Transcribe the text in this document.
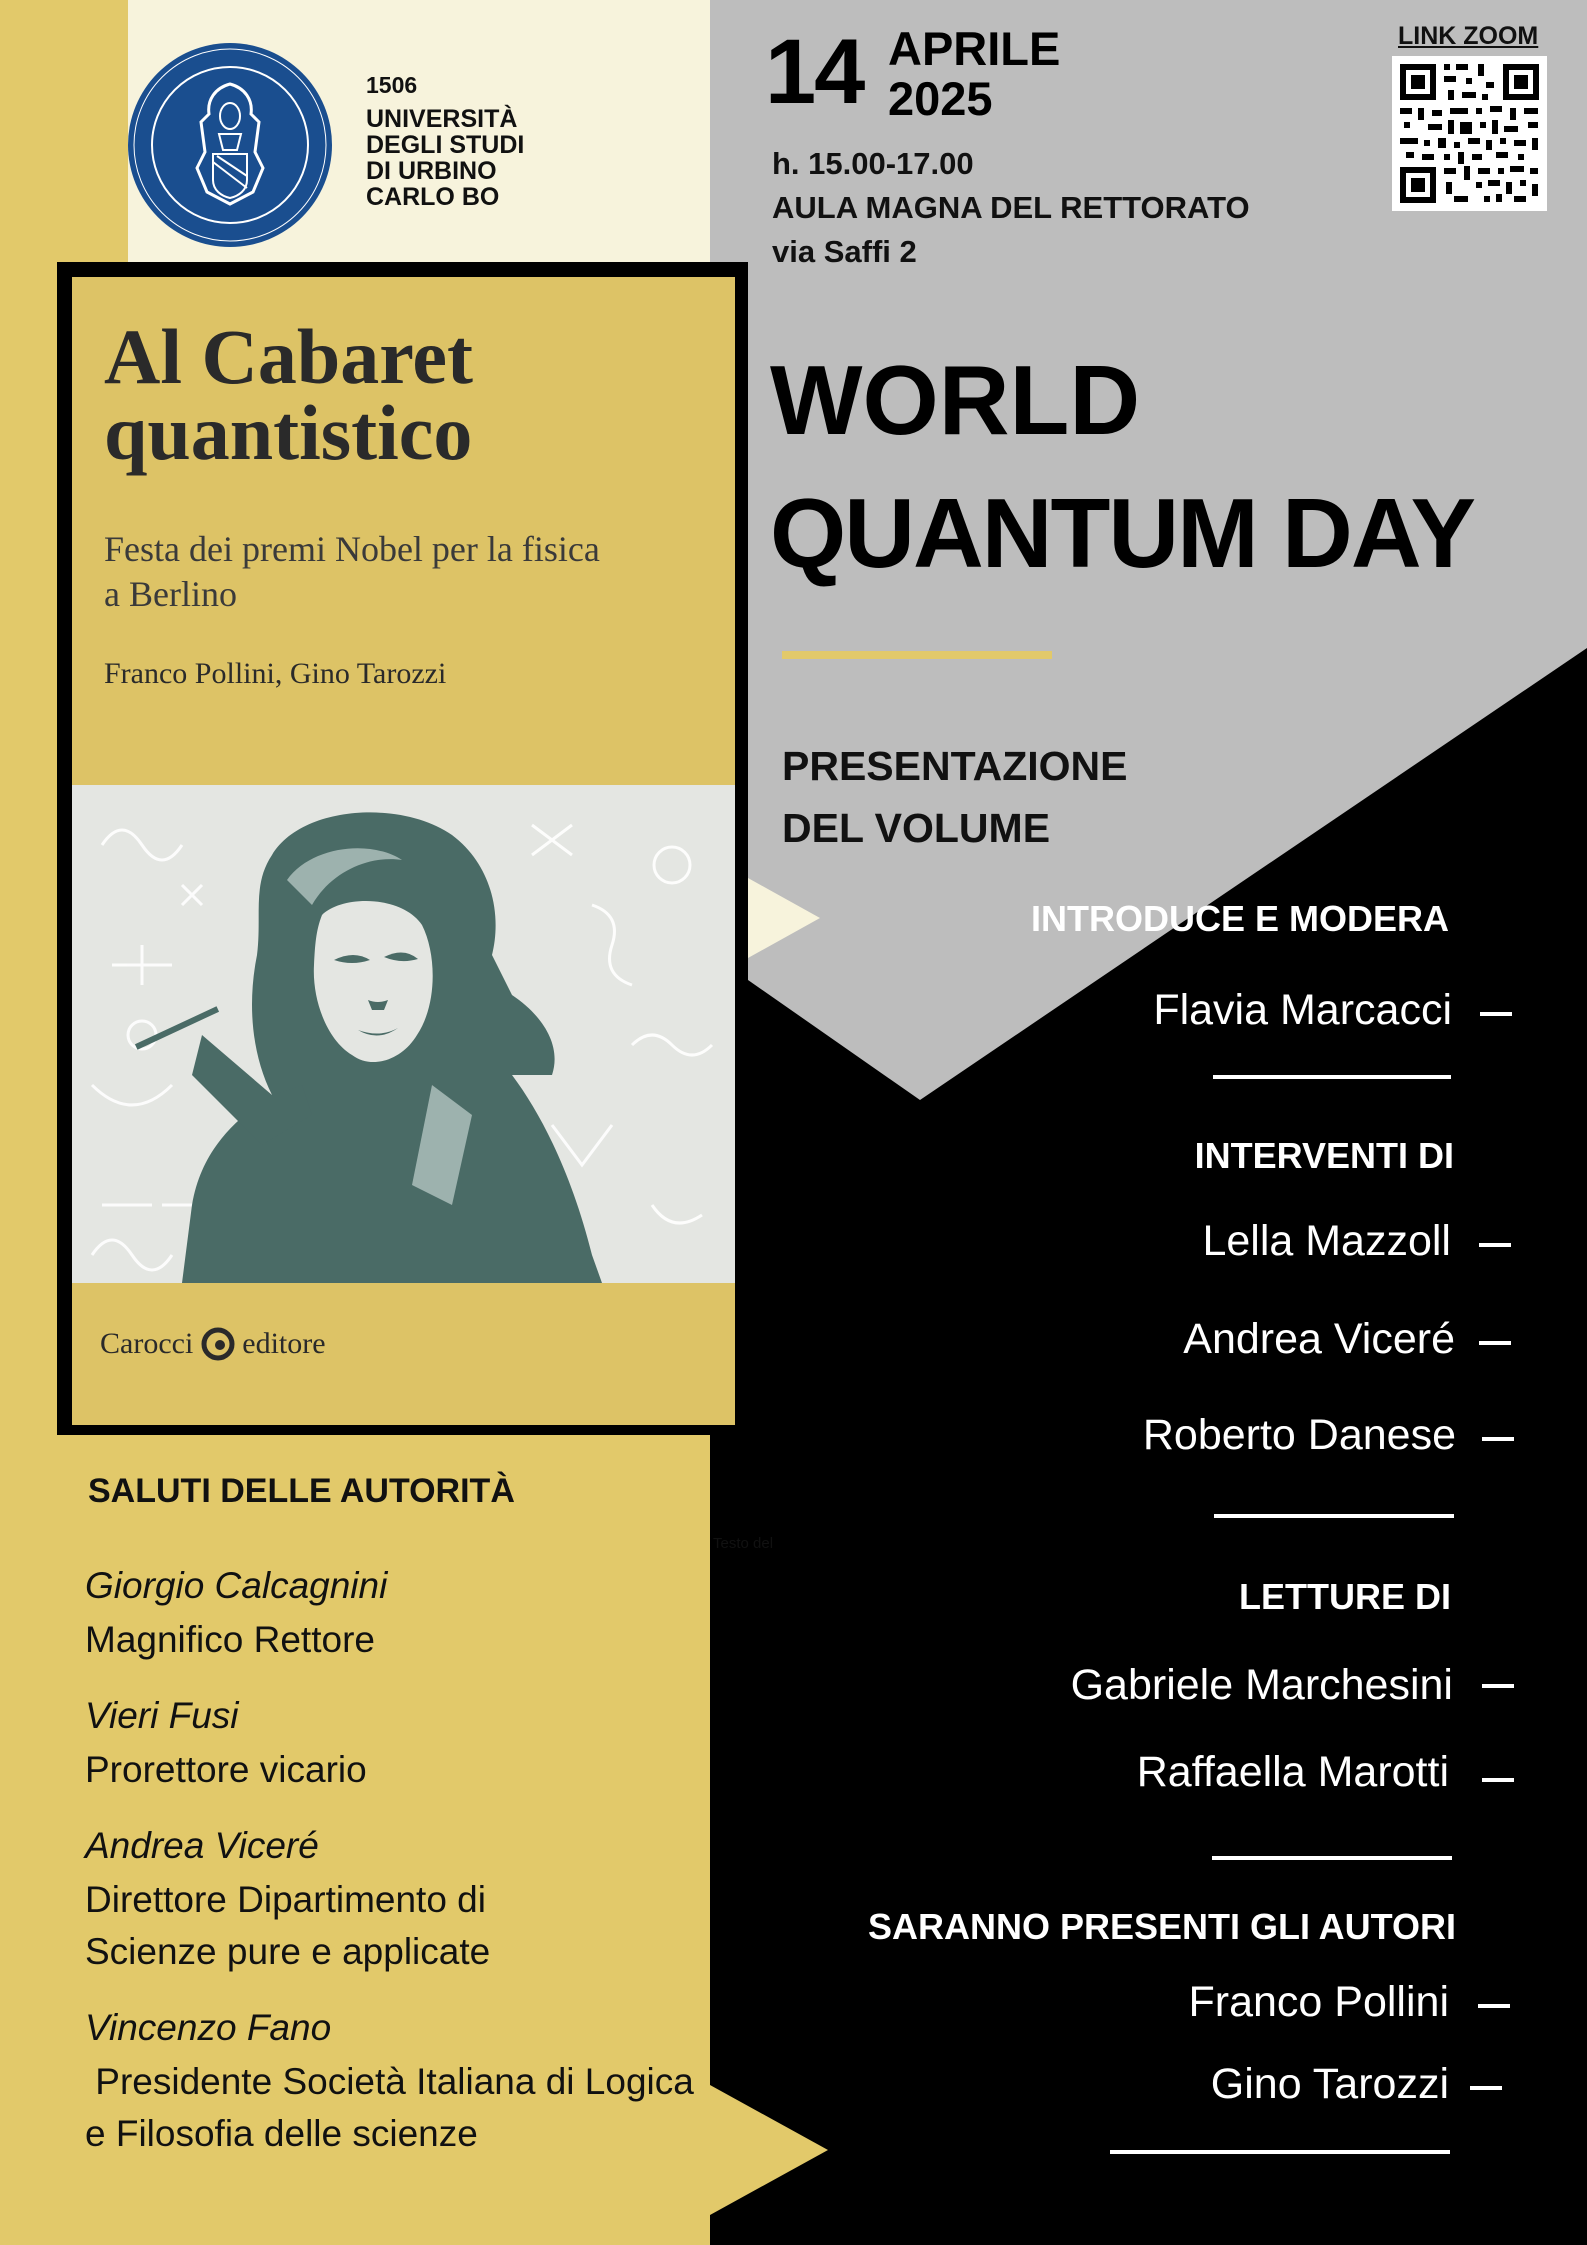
1506
UNIVERSITÀ
DEGLI STUDI
DI URBINO
CARLO BO
14 APRILE
2025
h. 15.00-17.00
AULA MAGNA DEL RETTORATO
via Saffi 2
LINK ZOOM
WORLD
QUANTUM DAY
PRESENTAZIONE
DEL VOLUME
Al Cabaret
quantistico
Festa dei premi Nobel per la fisica
a Berlino
Franco Pollini, Gino Tarozzi
Carocci editore
SALUTI DELLE AUTORITÀ
Testo del
Giorgio Calcagnini
Magnifico Rettore
Vieri Fusi
Prorettore vicario
Andrea Viceré
Direttore Dipartimento di Scienze pure e applicate
Vincenzo Fano
Presidente Società Italiana di Logica e Filosofia delle scienze
INTRODUCE E MODERA
Flavia Marcacci
INTERVENTI DI
Lella Mazzoll
Andrea Viceré
Roberto Danese
LETTURE DI
Gabriele Marchesini
Raffaella Marotti
SARANNO PRESENTI GLI AUTORI
Franco Pollini
Gino Tarozzi
